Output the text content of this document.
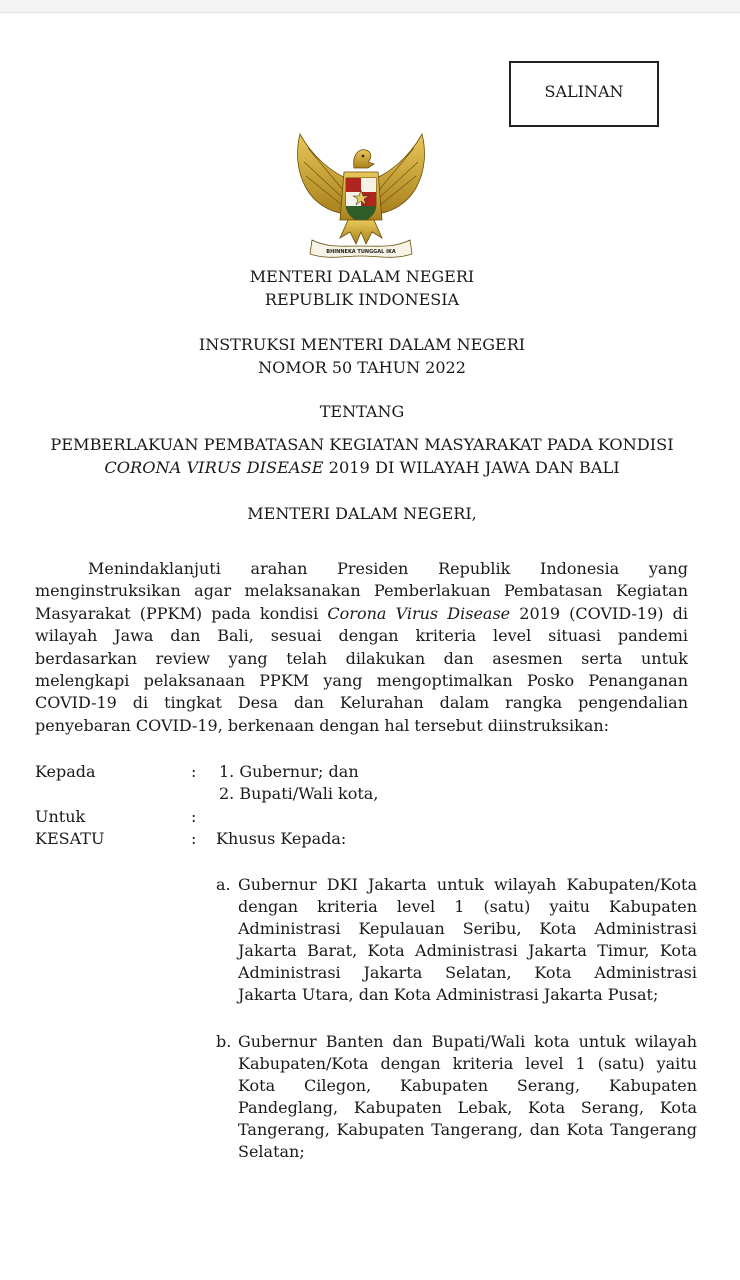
SALINAN
BHINNEKA TUNGGAL IKA
MENTERI DALAM NEGERI
REPUBLIK INDONESIA
INSTRUKSI MENTERI DALAM NEGERI
NOMOR 50 TAHUN 2022
TENTANG
PEMBERLAKUAN PEMBATASAN KEGIATAN MASYARAKAT PADA KONDISI
CORONA VIRUS DISEASE 2019 DI WILAYAH JAWA DAN BALI
MENTERI DALAM NEGERI,
Menindaklanjuti arahan Presiden Republik Indonesia yang
menginstruksikan agar melaksanakan Pemberlakuan Pembatasan Kegiatan
Masyarakat (PPKM) pada kondisi Corona Virus Disease 2019 (COVID-19) di
wilayah Jawa dan Bali, sesuai dengan kriteria level situasi pandemi
berdasarkan review yang telah dilakukan dan asesmen serta untuk
melengkapi pelaksanaan PPKM yang mengoptimalkan Posko Penanganan
COVID-19 di tingkat Desa dan Kelurahan dalam rangka pengendalian
penyebaran COVID-19, berkenaan dengan hal tersebut diinstruksikan:
Kepada	: 1. Gubernur; dan
2. Bupati/Wali kota,
Untuk	:
KESATU	: Khusus Kepada:
a. Gubernur DKI Jakarta untuk wilayah Kabupaten/Kota
dengan kriteria level 1 (satu) yaitu Kabupaten
Administrasi Kepulauan Seribu, Kota Administrasi
Jakarta Barat, Kota Administrasi Jakarta Timur, Kota
Administrasi Jakarta Selatan, Kota Administrasi
Jakarta Utara, dan Kota Administrasi Jakarta Pusat;
b. Gubernur Banten dan Bupati/Wali kota untuk wilayah
Kabupaten/Kota dengan kriteria level 1 (satu) yaitu
Kota Cilegon, Kabupaten Serang, Kabupaten
Pandeglang, Kabupaten Lebak, Kota Serang, Kota
Tangerang, Kabupaten Tangerang, dan Kota Tangerang
Selatan;
